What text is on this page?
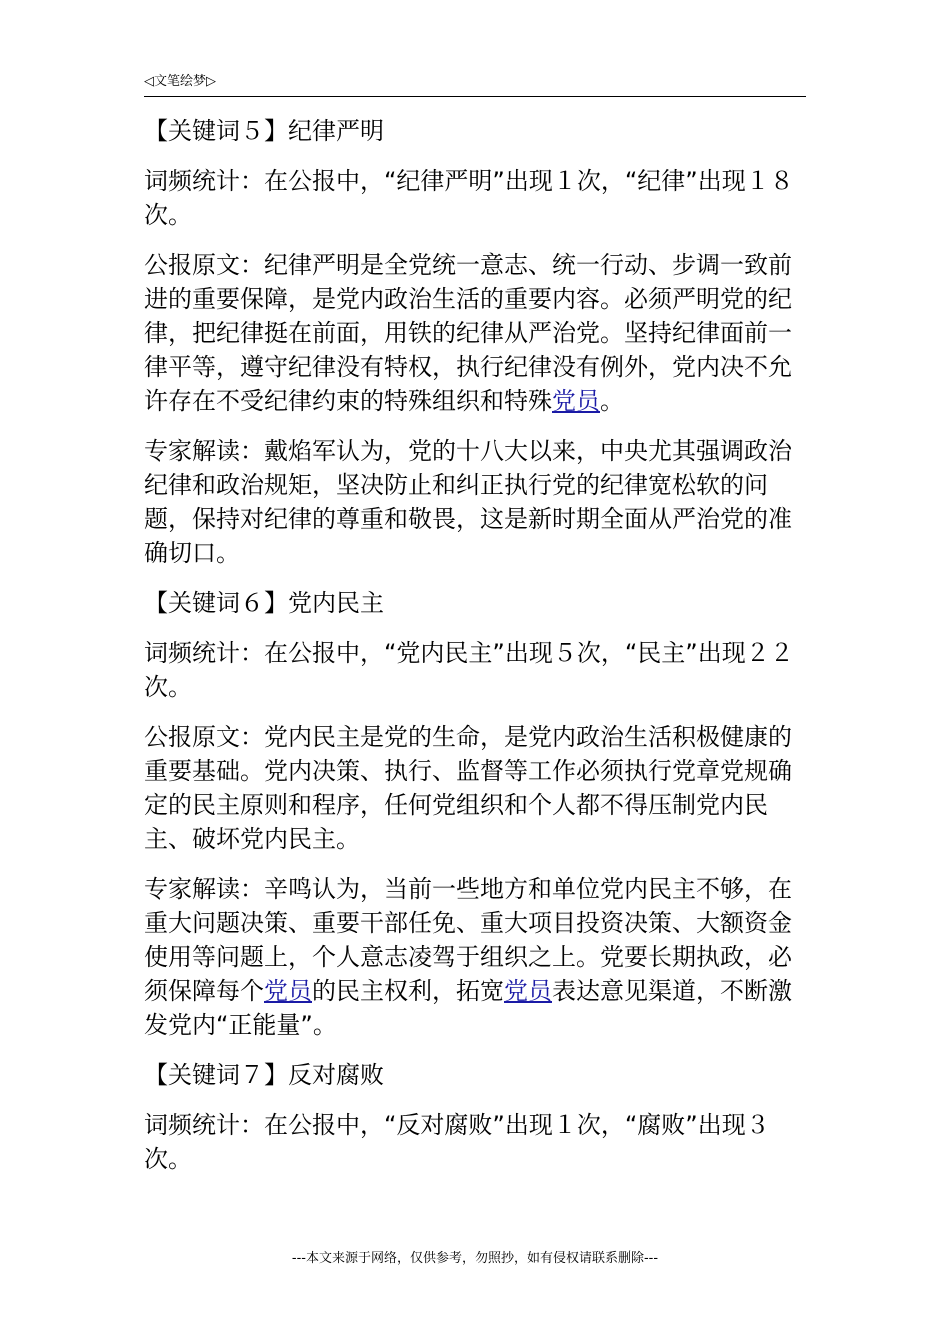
◁文笔绘梦▷

【关键词５】纪律严明

词频统计：在公报中，“纪律严明”出现１次，“纪律”出现１８次。

公报原文：纪律严明是全党统一意志、统一行动、步调一致前进的重要保障，是党内政治生活的重要内容。必须严明党的纪律，把纪律挺在前面，用铁的纪律从严治党。坚持纪律面前一律平等，遵守纪律没有特权，执行纪律没有例外，党内决不允许存在不受纪律约束的特殊组织和特殊党员。

专家解读：戴焰军认为，党的十八大以来，中央尤其强调政治纪律和政治规矩，坚决防止和纠正执行党的纪律宽松软的问题，保持对纪律的尊重和敬畏，这是新时期全面从严治党的准确切口。

【关键词６】党内民主

词频统计：在公报中，“党内民主”出现５次，“民主”出现２２次。

公报原文：党内民主是党的生命，是党内政治生活积极健康的重要基础。党内决策、执行、监督等工作必须执行党章党规确定的民主原则和程序，任何党组织和个人都不得压制党内民主、破坏党内民主。

专家解读：辛鸣认为，当前一些地方和单位党内民主不够，在重大问题决策、重要干部任免、重大项目投资决策、大额资金使用等问题上，个人意志凌驾于组织之上。党要长期执政，必须保障每个党员的民主权利，拓宽党员表达意见渠道，不断激发党内“正能量”。

【关键词７】反对腐败

词频统计：在公报中，“反对腐败”出现１次，“腐败”出现３次。

---本文来源于网络，仅供参考，勿照抄，如有侵权请联系删除---
